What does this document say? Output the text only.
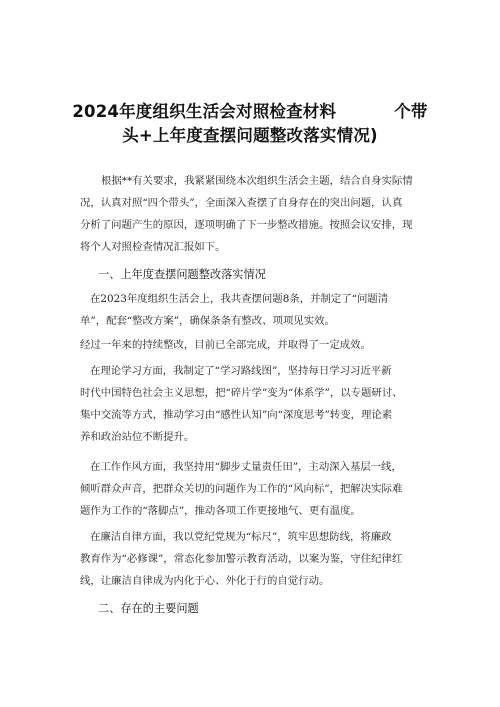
2024年度组织生活会对照检查材料	个带
头+上年度查摆问题整改落实情况)
根据**有关要求，我紧紧围绕本次组织生活会主题，结合自身实际情
况，认真对照“四个带头”，全面深入查摆了自身存在的突出问题，认真
分析了问题产生的原因，逐项明确了下一步整改措施。按照会议安排，现
将个人对照检查情况汇报如下。
一、上年度查摆问题整改落实情况
在2023年度组织生活会上，我共查摆问题8条，并制定了“问题清
单”，配套“整改方案”，确保条条有整改、项项见实效。
经过一年来的持续整改，目前已全部完成，并取得了一定成效。
在理论学习方面，我制定了“学习路线图”，坚持每日学习习近平新
时代中国特色社会主义思想，把“碎片学”变为“体系学”，以专题研讨、
集中交流等方式，推动学习由“感性认知”向“深度思考”转变，理论素
养和政治站位不断提升。
在工作作风方面，我坚持用“脚步丈量责任田”，主动深入基层一线，
倾听群众声音，把群众关切的问题作为工作的“风向标”，把解决实际难
题作为工作的“落脚点”，推动各项工作更接地气、更有温度。
在廉洁自律方面，我以党纪党规为“标尺”，筑牢思想防线，将廉政
教育作为“必修课”，常态化参加警示教育活动，以案为鉴，守住纪律红
线，让廉洁自律成为内化于心、外化于行的自觉行动。
二、存在的主要问题
